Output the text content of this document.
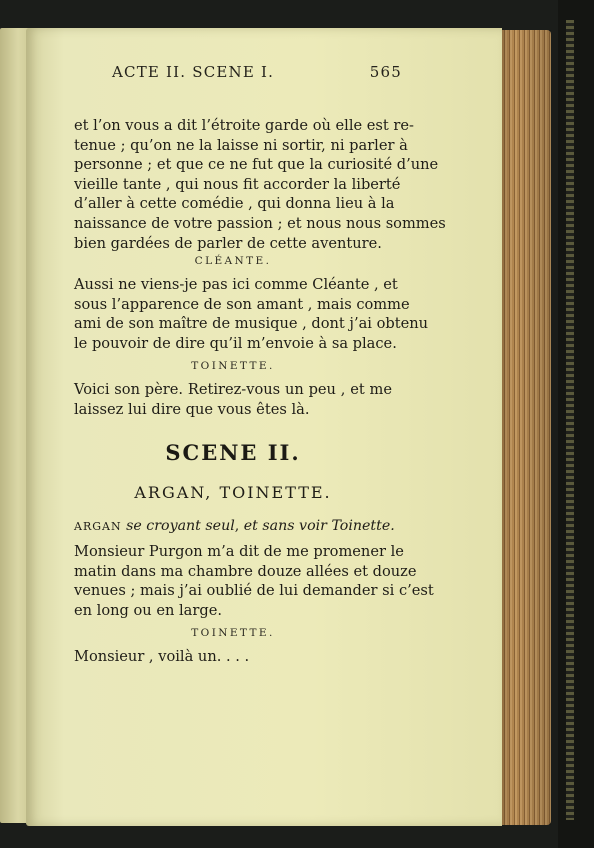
ACTE II. SCENE I.	565
et l’on vous a dit l’étroite garde où elle est re-
tenue ; qu’on ne la laisse ni sortir, ni parler à
personne ; et que ce ne fut que la curiosité d’une
vieille tante , qui nous fit accorder la liberté
d’aller à cette comédie , qui donna lieu à la
naissance de votre passion ; et nous nous sommes
bien gardées de parler de cette aventure.
CLÉANTE.
Aussi ne viens-je pas ici comme Cléante , et
sous l’apparence de son amant , mais comme
ami de son maître de musique , dont j’ai obtenu
le pouvoir de dire qu’il m’envoie à sa place.
TOINETTE.
Voici son père. Retirez-vous un peu , et me
laissez lui dire que vous êtes là.
SCENE II.
ARGAN, TOINETTE.
ARGAN se croyant seul, et sans voir Toinette.
Monsieur Purgon m’a dit de me promener le
matin dans ma chambre douze allées et douze
venues ; mais j’ai oublié de lui demander si c’est
en long ou en large.
TOINETTE.
Monsieur , voilà un. . . .
